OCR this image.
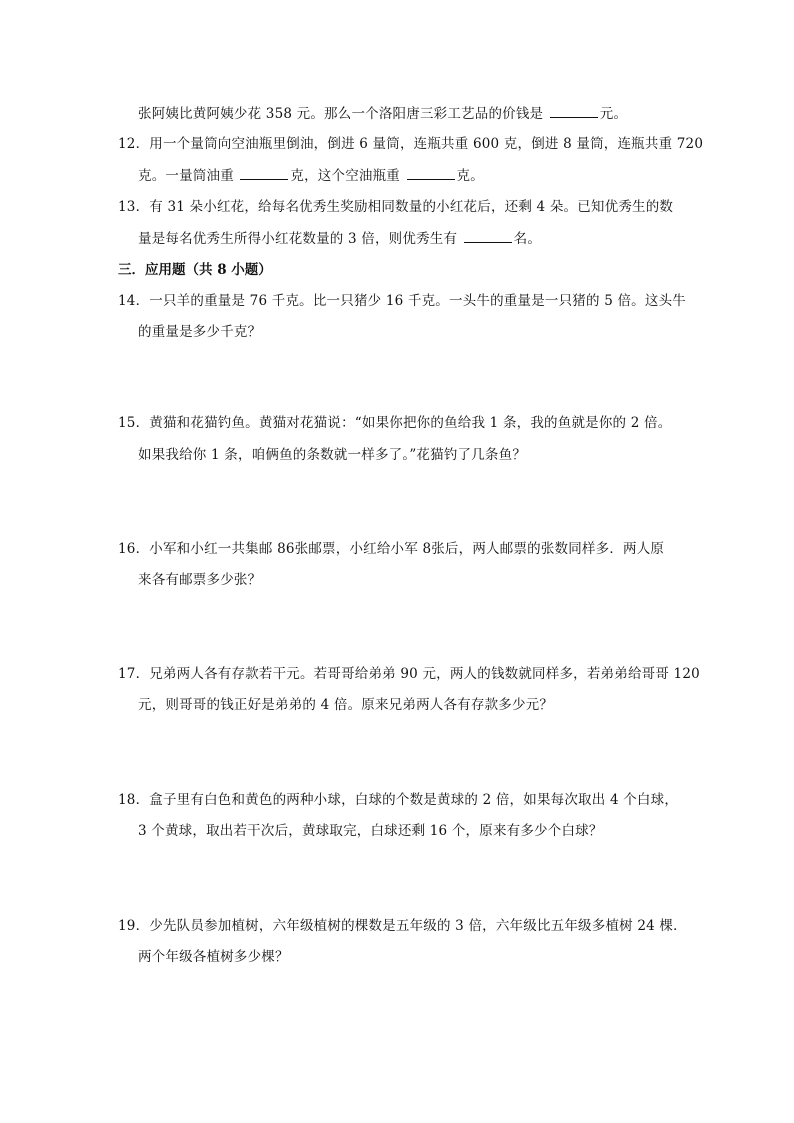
张阿姨比黄阿姨少花 358 元。那么一个洛阳唐三彩工艺品的价钱是	元。
12．用一个量筒向空油瓶里倒油，倒进 6 量筒，连瓶共重 600 克，倒进 8 量筒，连瓶共重 720
克。一量筒油重	克，这个空油瓶重	克。
13．有 31 朵小红花，给每名优秀生奖励相同数量的小红花后，还剩 4 朵。已知优秀生的数
量是每名优秀生所得小红花数量的 3 倍，则优秀生有	名。
三．应用题（共 8 小题）
14．一只羊的重量是 76 千克。比一只猪少 16 千克。一头牛的重量是一只猪的 5 倍。这头牛
的重量是多少千克？
15．黄猫和花猫钓鱼。黄猫对花猫说：“如果你把你的鱼给我 1 条，我的鱼就是你的 2 倍。
如果我给你 1 条，咱俩鱼的条数就一样多了。”花猫钓了几条鱼？
16．小军和小红一共集邮 86张邮票，小红给小军 8张后，两人邮票的张数同样多．两人原
来各有邮票多少张？
17．兄弟两人各有存款若干元。若哥哥给弟弟 90 元，两人的钱数就同样多，若弟弟给哥哥 120
元，则哥哥的钱正好是弟弟的 4 倍。原来兄弟两人各有存款多少元？
18．盒子里有白色和黄色的两种小球，白球的个数是黄球的 2 倍，如果每次取出 4 个白球，
3 个黄球，取出若干次后，黄球取完，白球还剩 16 个，原来有多少个白球？
19．少先队员参加植树，六年级植树的棵数是五年级的 3 倍，六年级比五年级多植树 24 棵．
两个年级各植树多少棵？
